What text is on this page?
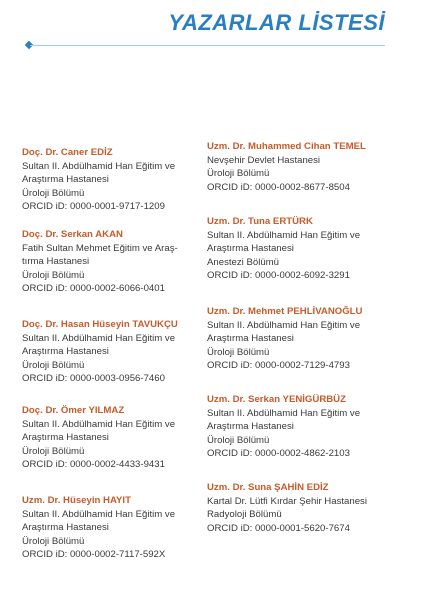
YAZARLAR LİSTESİ
Doç. Dr. Caner EDİZ
Sultan II. Abdülhamid Han Eğitim ve
Araştırma Hastanesi
Üroloji Bölümü
ORCID iD: 0000-0001-9717-1209
Doç. Dr. Serkan AKAN
Fatih Sultan Mehmet Eğitim ve Araş-
tırma Hastanesi
Üroloji Bölümü
ORCID iD: 0000-0002-6066-0401
Doç. Dr. Hasan Hüseyin TAVUKÇU
Sultan II. Abdülhamid Han Eğitim ve
Araştırma Hastanesi
Üroloji Bölümü
ORCID iD: 0000-0003-0956-7460
Doç. Dr. Ömer YILMAZ
Sultan II. Abdülhamid Han Eğitim ve
Araştırma Hastanesi
Üroloji Bölümü
ORCID iD: 0000-0002-4433-9431
Uzm. Dr. Hüseyin HAYIT
Sultan II. Abdülhamid Han Eğitim ve
Araştırma Hastanesi
Üroloji Bölümü
ORCID iD: 0000-0002-7117-592X
Uzm. Dr. Muhammed Cihan TEMEL
Nevşehir Devlet Hastanesi
Üroloji Bölümü
ORCID iD: 0000-0002-8677-8504
Uzm. Dr. Tuna ERTÜRK
Sultan II. Abdülhamid Han Eğitim ve
Araştırma Hastanesi
Anestezi Bölümü
ORCID iD: 0000-0002-6092-3291
Uzm. Dr. Mehmet PEHLİVANOĞLU
Sultan II. Abdülhamid Han Eğitim ve
Araştırma Hastanesi
Üroloji Bölümü
ORCID iD: 0000-0002-7129-4793
Uzm. Dr. Serkan YENİGÜRBÜZ
Sultan II. Abdülhamid Han Eğitim ve
Araştırma Hastanesi
Üroloji Bölümü
ORCID iD: 0000-0002-4862-2103
Uzm. Dr. Suna ŞAHİN EDİZ
Kartal Dr. Lütfi Kırdar Şehir Hastanesi
Radyoloji Bölümü
ORCID iD: 0000-0001-5620-7674
